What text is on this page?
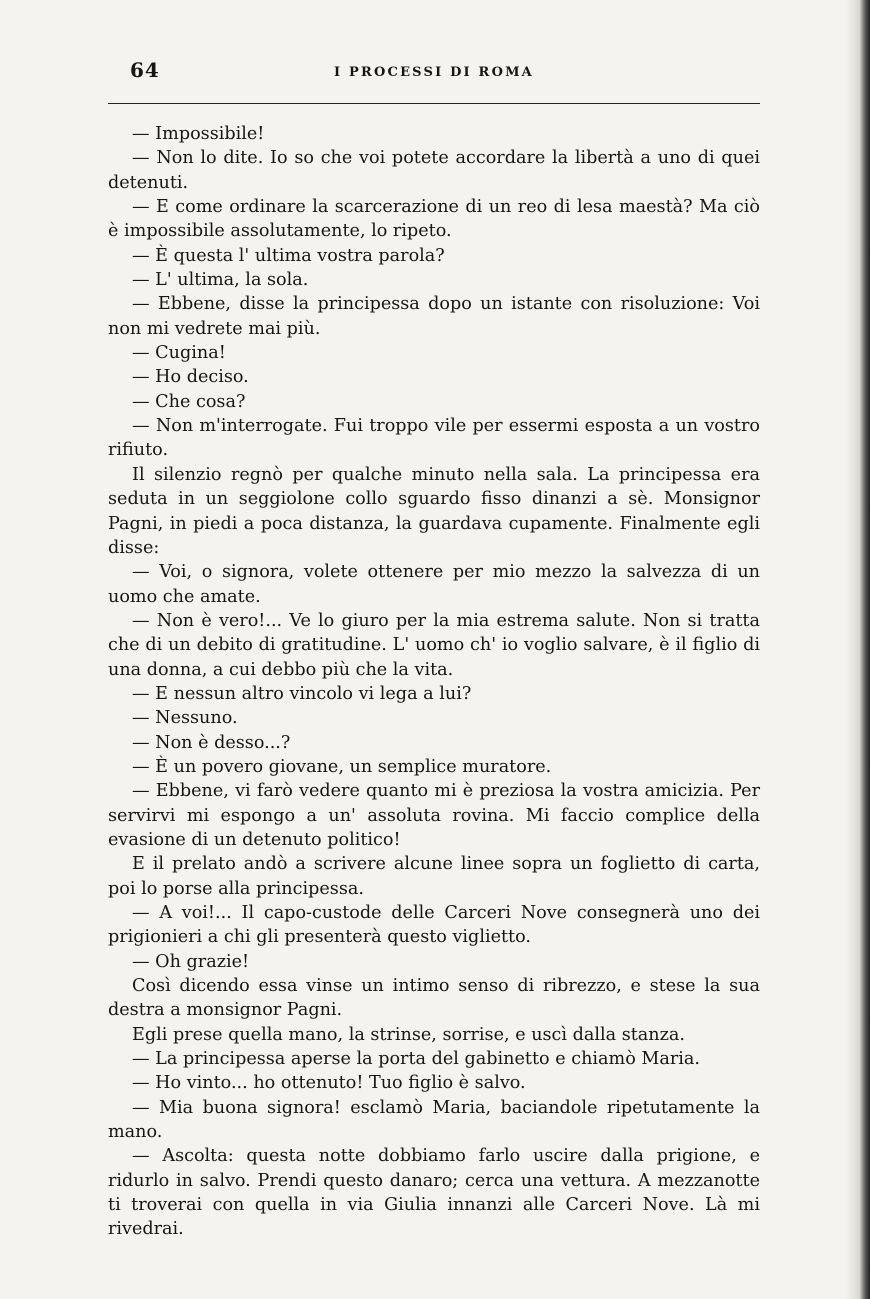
64	I PROCESSI DI ROMA

— Impossibile!

— Non lo dite. Io so che voi potete accordare la libertà a uno di quei detenuti.

— E come ordinare la scarcerazione di un reo di lesa maestà? Ma ciò è impossibile assolutamente, lo ripeto.

— È questa l' ultima vostra parola?

— L' ultima, la sola.

— Ebbene, disse la principessa dopo un istante con risoluzione: Voi non mi vedrete mai più.

— Cugina!

— Ho deciso.

— Che cosa?

— Non m'interrogate. Fui troppo vile per essermi esposta a un vostro rifiuto.

Il silenzio regnò per qualche minuto nella sala. La principessa era seduta in un seggiolone collo sguardo fisso dinanzi a sè. Monsignor Pagni, in piedi a poca distanza, la guardava cupamente. Finalmente egli disse:

— Voi, o signora, volete ottenere per mio mezzo la salvezza di un uomo che amate.

— Non è vero!... Ve lo giuro per la mia estrema salute. Non si tratta che di un debito di gratitudine. L' uomo ch' io voglio salvare, è il figlio di una donna, a cui debbo più che la vita.

— E nessun altro vincolo vi lega a lui?

— Nessuno.

— Non è desso...?

— È un povero giovane, un semplice muratore.

— Ebbene, vi farò vedere quanto mi è preziosa la vostra amicizia. Per servirvi mi espongo a un' assoluta rovina. Mi faccio complice della evasione di un detenuto politico!

E il prelato andò a scrivere alcune linee sopra un foglietto di carta, poi lo porse alla principessa.

— A voi!... Il capo-custode delle Carceri Nove consegnerà uno dei prigionieri a chi gli presenterà questo viglietto.

— Oh grazie!

Così dicendo essa vinse un intimo senso di ribrezzo, e stese la sua destra a monsignor Pagni.

Egli prese quella mano, la strinse, sorrise, e uscì dalla stanza.

— La principessa aperse la porta del gabinetto e chiamò Maria.

— Ho vinto... ho ottenuto! Tuo figlio è salvo.

— Mia buona signora! esclamò Maria, baciandole ripetutamente la mano.

— Ascolta: questa notte dobbiamo farlo uscire dalla prigione, e ridurlo in salvo. Prendi questo danaro; cerca una vettura. A mezzanotte ti troverai con quella in via Giulia innanzi alle Carceri Nove. Là mi rivedrai.
